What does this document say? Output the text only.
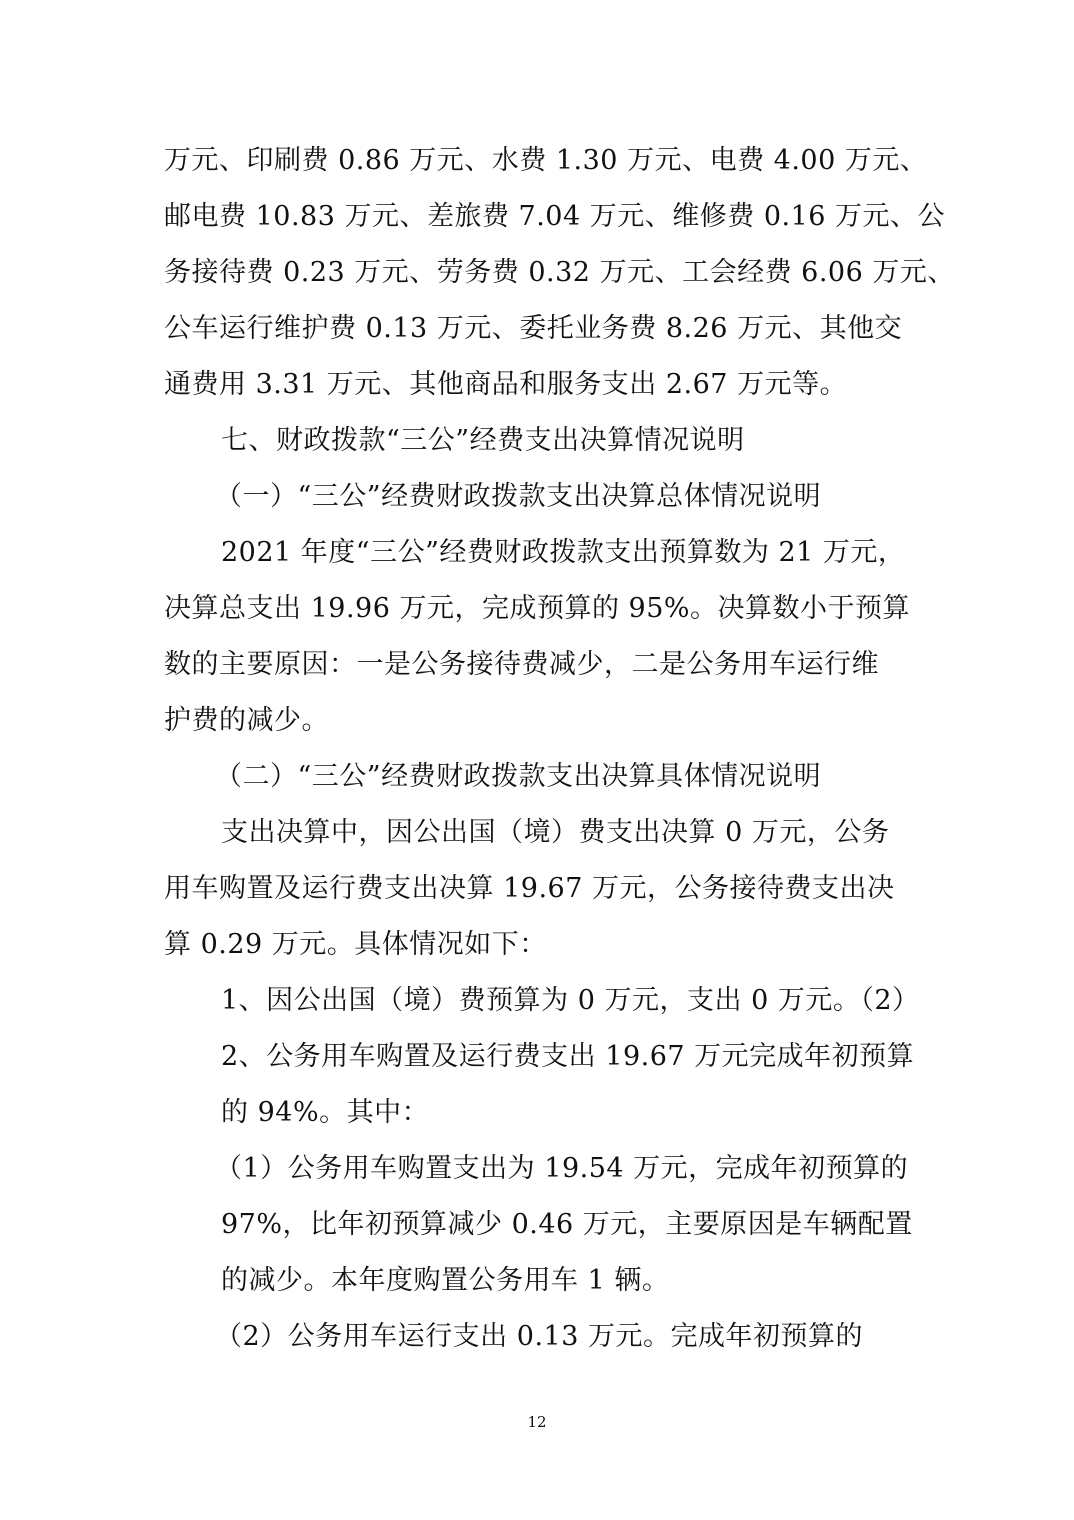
万元、印刷费 0.86 万元、水费 1.30 万元、电费 4.00 万元、
邮电费 10.83 万元、差旅费 7.04 万元、维修费 0.16 万元、公
务接待费 0.23 万元、劳务费 0.32 万元、工会经费 6.06 万元、
公车运行维护费 0.13 万元、委托业务费 8.26 万元、其他交
通费用 3.31 万元、其他商品和服务支出 2.67 万元等。
七、财政拨款“三公”经费支出决算情况说明
（一）“三公”经费财政拨款支出决算总体情况说明
2021 年度“三公”经费财政拨款支出预算数为 21 万元，
决算总支出 19.96 万元，完成预算的 95%。决算数小于预算
数的主要原因：一是公务接待费减少，二是公务用车运行维
护费的减少。
（二）“三公”经费财政拨款支出决算具体情况说明
支出决算中，因公出国（境）费支出决算 0 万元，公务
用车购置及运行费支出决算 19.67 万元，公务接待费支出决
算 0.29 万元。具体情况如下：
1、因公出国（境）费预算为 0 万元，支出 0 万元。（2）
2、公务用车购置及运行费支出 19.67 万元完成年初预算
的 94%。其中：
（1）公务用车购置支出为 19.54 万元，完成年初预算的
97%，比年初预算减少 0.46 万元，主要原因是车辆配置
的减少。本年度购置公务用车 1 辆。
（2）公务用车运行支出 0.13 万元。完成年初预算的
12
